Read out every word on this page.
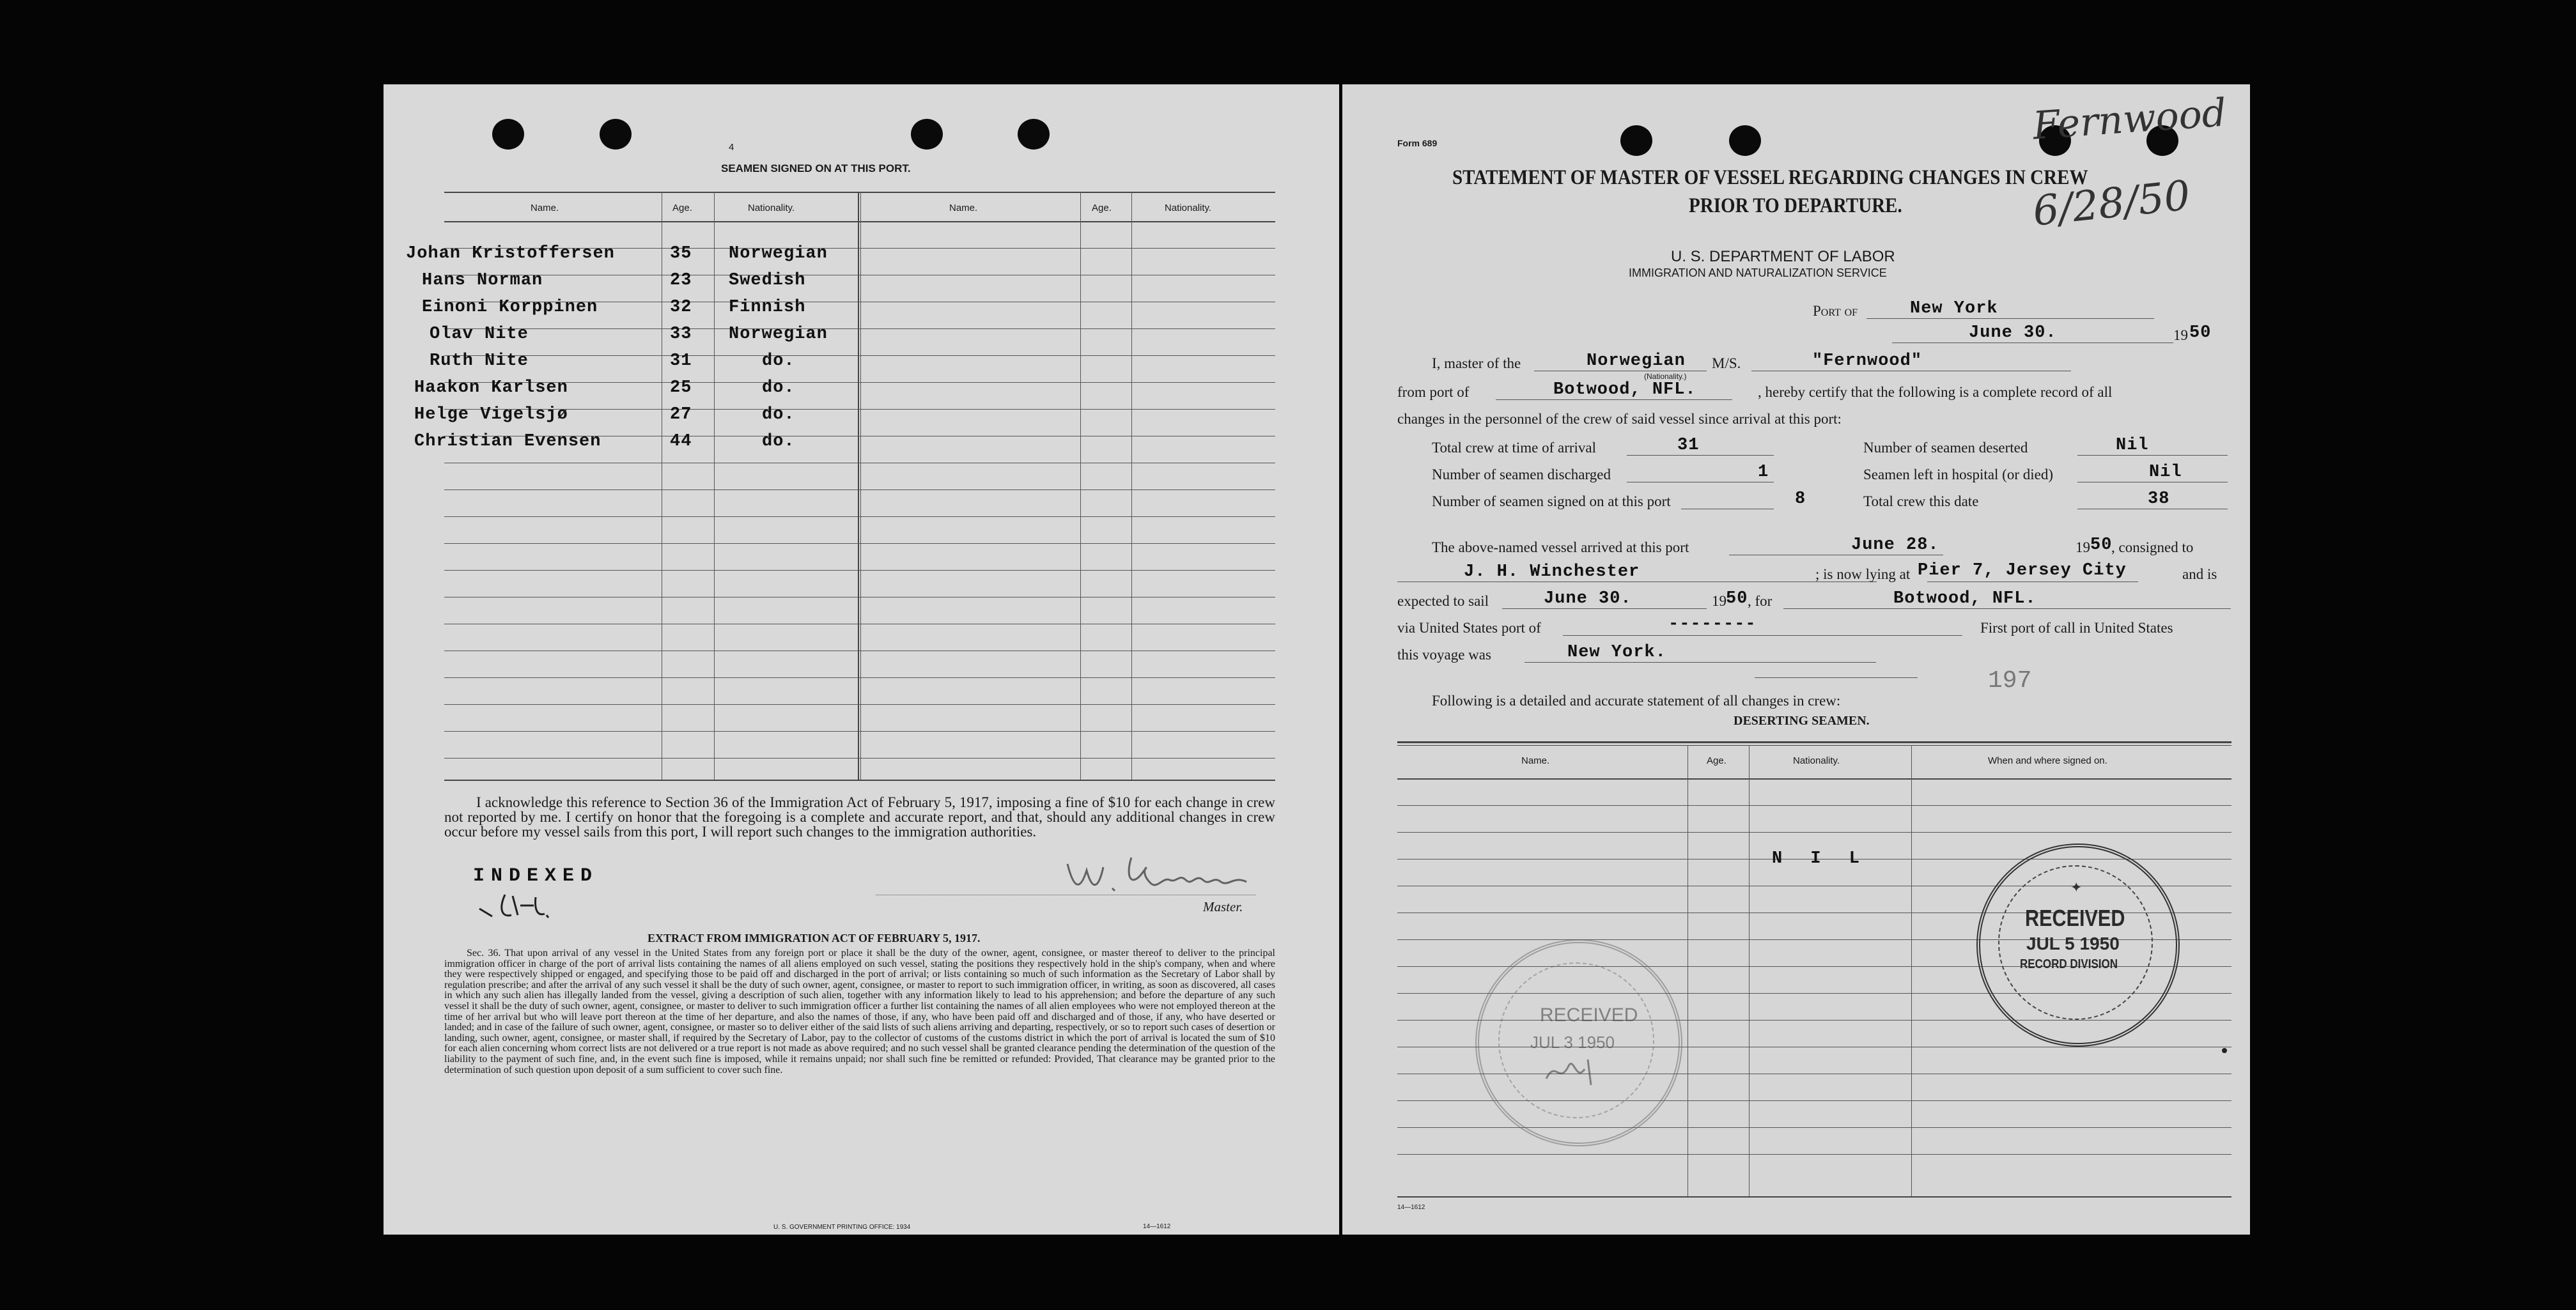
4
SEAMEN SIGNED ON AT THIS PORT.
Name.	Age.	Nationality.	Name.	Age.	Nationality.
Johan Kristoffersen	35 Norwegian
Hans Norman	23 Swedish
Einoni Korppinen	32 Finnish
Olav Nite	33 Norwegian
Ruth Nite	31	do.
Haakon Karlsen	25	do.
Helge Vigelsjø	27	do.
Christian Evensen	44	do.
I acknowledge this reference to Section 36 of the Immigration Act of February 5, 1917, imposing a fine of $10 for each change in crew not reported by me. I certify on honor that the foregoing is a complete and accurate report, and that, should any additional changes in crew occur before my vessel sails from this port, I will report such changes to the immigration authorities.
INDEXED
Master.
EXTRACT FROM IMMIGRATION ACT OF FEBRUARY 5, 1917.
Sec. 36. That upon arrival of any vessel in the United States from any foreign port or place it shall be the duty of the owner, agent, consignee, or master thereof to deliver to the principal immigration officer in charge of the port of arrival lists containing the names of all aliens employed on such vessel, stating the positions they respectively hold in the ship's company, when and where they were respectively shipped or engaged, and specifying those to be paid off and discharged in the port of arrival; or lists containing so much of such information as the Secretary of Labor shall by regulation prescribe; and after the arrival of any such vessel it shall be the duty of such owner, agent, consignee, or master to report to such immigration officer, in writing, as soon as discovered, all cases in which any such alien has illegally landed from the vessel, giving a description of such alien, together with any information likely to lead to his apprehension; and before the departure of any such vessel it shall be the duty of such owner, agent, consignee, or master to deliver to such immigration officer a further list containing the names of all alien employees who were not employed thereon at the time of her arrival but who will leave port thereon at the time of her departure, and also the names of those, if any, who have been paid off and discharged and of those, if any, who have deserted or landed; and in case of the failure of such owner, agent, consignee, or master so to deliver either of the said lists of such aliens arriving and departing, respectively, or so to report such cases of desertion or landing, such owner, agent, consignee, or master shall, if required by the Secretary of Labor, pay to the collector of customs of the customs district in which the port of arrival is located the sum of $10 for each alien concerning whom correct lists are not delivered or a true report is not made as above required; and no such vessel shall be granted clearance pending the determination of the question of the liability to the payment of such fine, and, in the event such fine is imposed, while it remains unpaid; nor shall such fine be remitted or refunded: Provided, That clearance may be granted prior to the determination of such question upon deposit of a sum sufficient to cover such fine.
U. S. GOVERNMENT PRINTING OFFICE: 1934	14—1612
Form 689
STATEMENT OF MASTER OF VESSEL REGARDING CHANGES IN CREW
PRIOR TO DEPARTURE.
Fernwood
6/28/50
U. S. DEPARTMENT OF LABOR
IMMIGRATION AND NATURALIZATION SERVICE
Port of	New York
June 30.	19 50
I, master of the	Norwegian
(Nationality.)
M/S.	"Fernwood"
from port of	Botwood, NFL.	, hereby certify that the following is a complete record of all
changes in the personnel of the crew of said vessel since arrival at this port:
Total crew at time of arrival	31	Number of seamen deserted	Nil
Number of seamen discharged	1	Seamen left in hospital (or died)	Nil
Number of seamen signed on at this port	8	Total crew this date	38
The above-named vessel arrived at this port	June 28.	19 50
, consigned to
J. H. Winchester	; is now lying at Pier 7, Jersey City	and is
expected to sail	June 30.	19 50 , for	Botwood, NFL.
via United States port of	--------	First port of call in United States
this voyage was	New York.
197
Following is a detailed and accurate statement of all changes in crew:
DESERTING SEAMEN.
Name.	Age.	Nationality.	When and where signed on.
N I L
RECEIVED
JUL 3 1950
✦
RECEIVED
JUL 5 1950
RECORD DIVISION
14—1612
